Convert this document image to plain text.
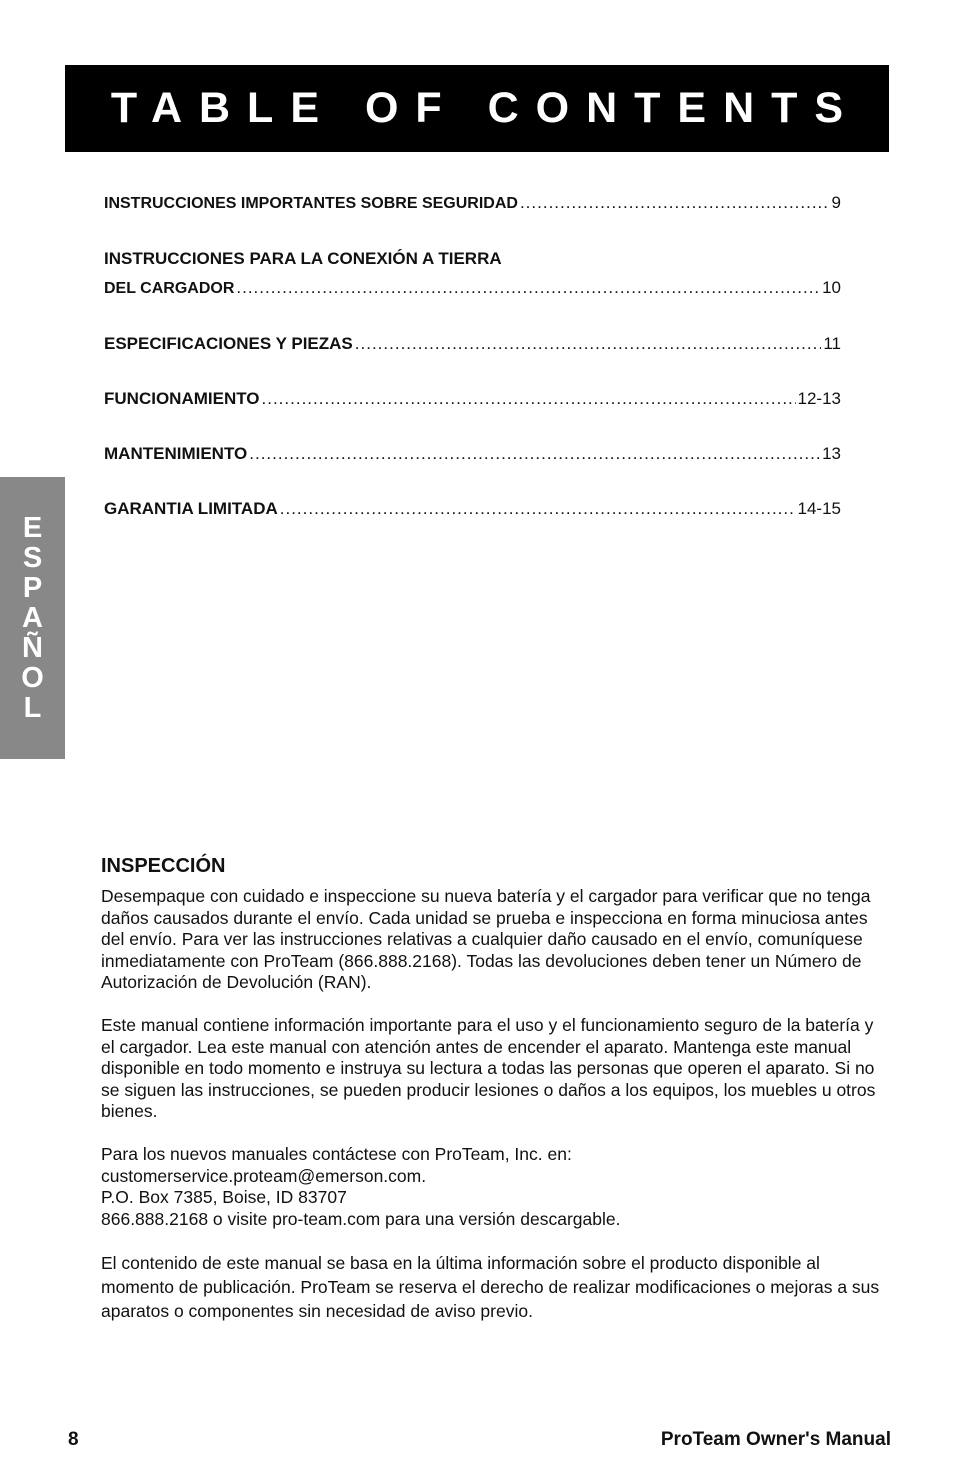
TABLE OF CONTENTS
INSTRUCCIONES IMPORTANTES SOBRE SEGURIDAD .....	9
INSTRUCCIONES PARA LA CONEXIÓN A TIERRA
DEL CARGADOR .....	10
ESPECIFICACIONES Y PIEZAS .....	11
FUNCIONAMIENTO .....	12-13
MANTENIMIENTO .....	13
GARANTIA LIMITADA .....	14-15
E
S
P
A
Ñ
O
L
INSPECCIÓN

Desempaque con cuidado e inspeccione su nueva batería y el cargador para verificar que no tenga daños causados durante el envío. Cada unidad se prueba e inspecciona en forma minuciosa antes del envío. Para ver las instrucciones relativas a cualquier daño causado en el envío, comuníquese inmediatamente con ProTeam (866.888.2168). Todas las devoluciones deben tener un Número de Autorización de Devolución (RAN).

Este manual contiene información importante para el uso y el funcionamiento seguro de la batería y el cargador. Lea este manual con atención antes de encender el aparato. Mantenga este manual disponible en todo momento e instruya su lectura a todas las personas que operen el aparato. Si no se siguen las instrucciones, se pueden producir lesiones o daños a los equipos, los muebles u otros bienes.

Para los nuevos manuales contáctese con ProTeam, Inc. en:
customerservice.proteam@emerson.com.
P.O. Box 7385, Boise, ID 83707
866.888.2168 o visite pro-team.com para una versión descargable.

El contenido de este manual se basa en la última información sobre el producto disponible al momento de publicación. ProTeam se reserva el derecho de realizar modificaciones o mejoras a sus aparatos o componentes sin necesidad de aviso previo.

8	ProTeam Owner's Manual
